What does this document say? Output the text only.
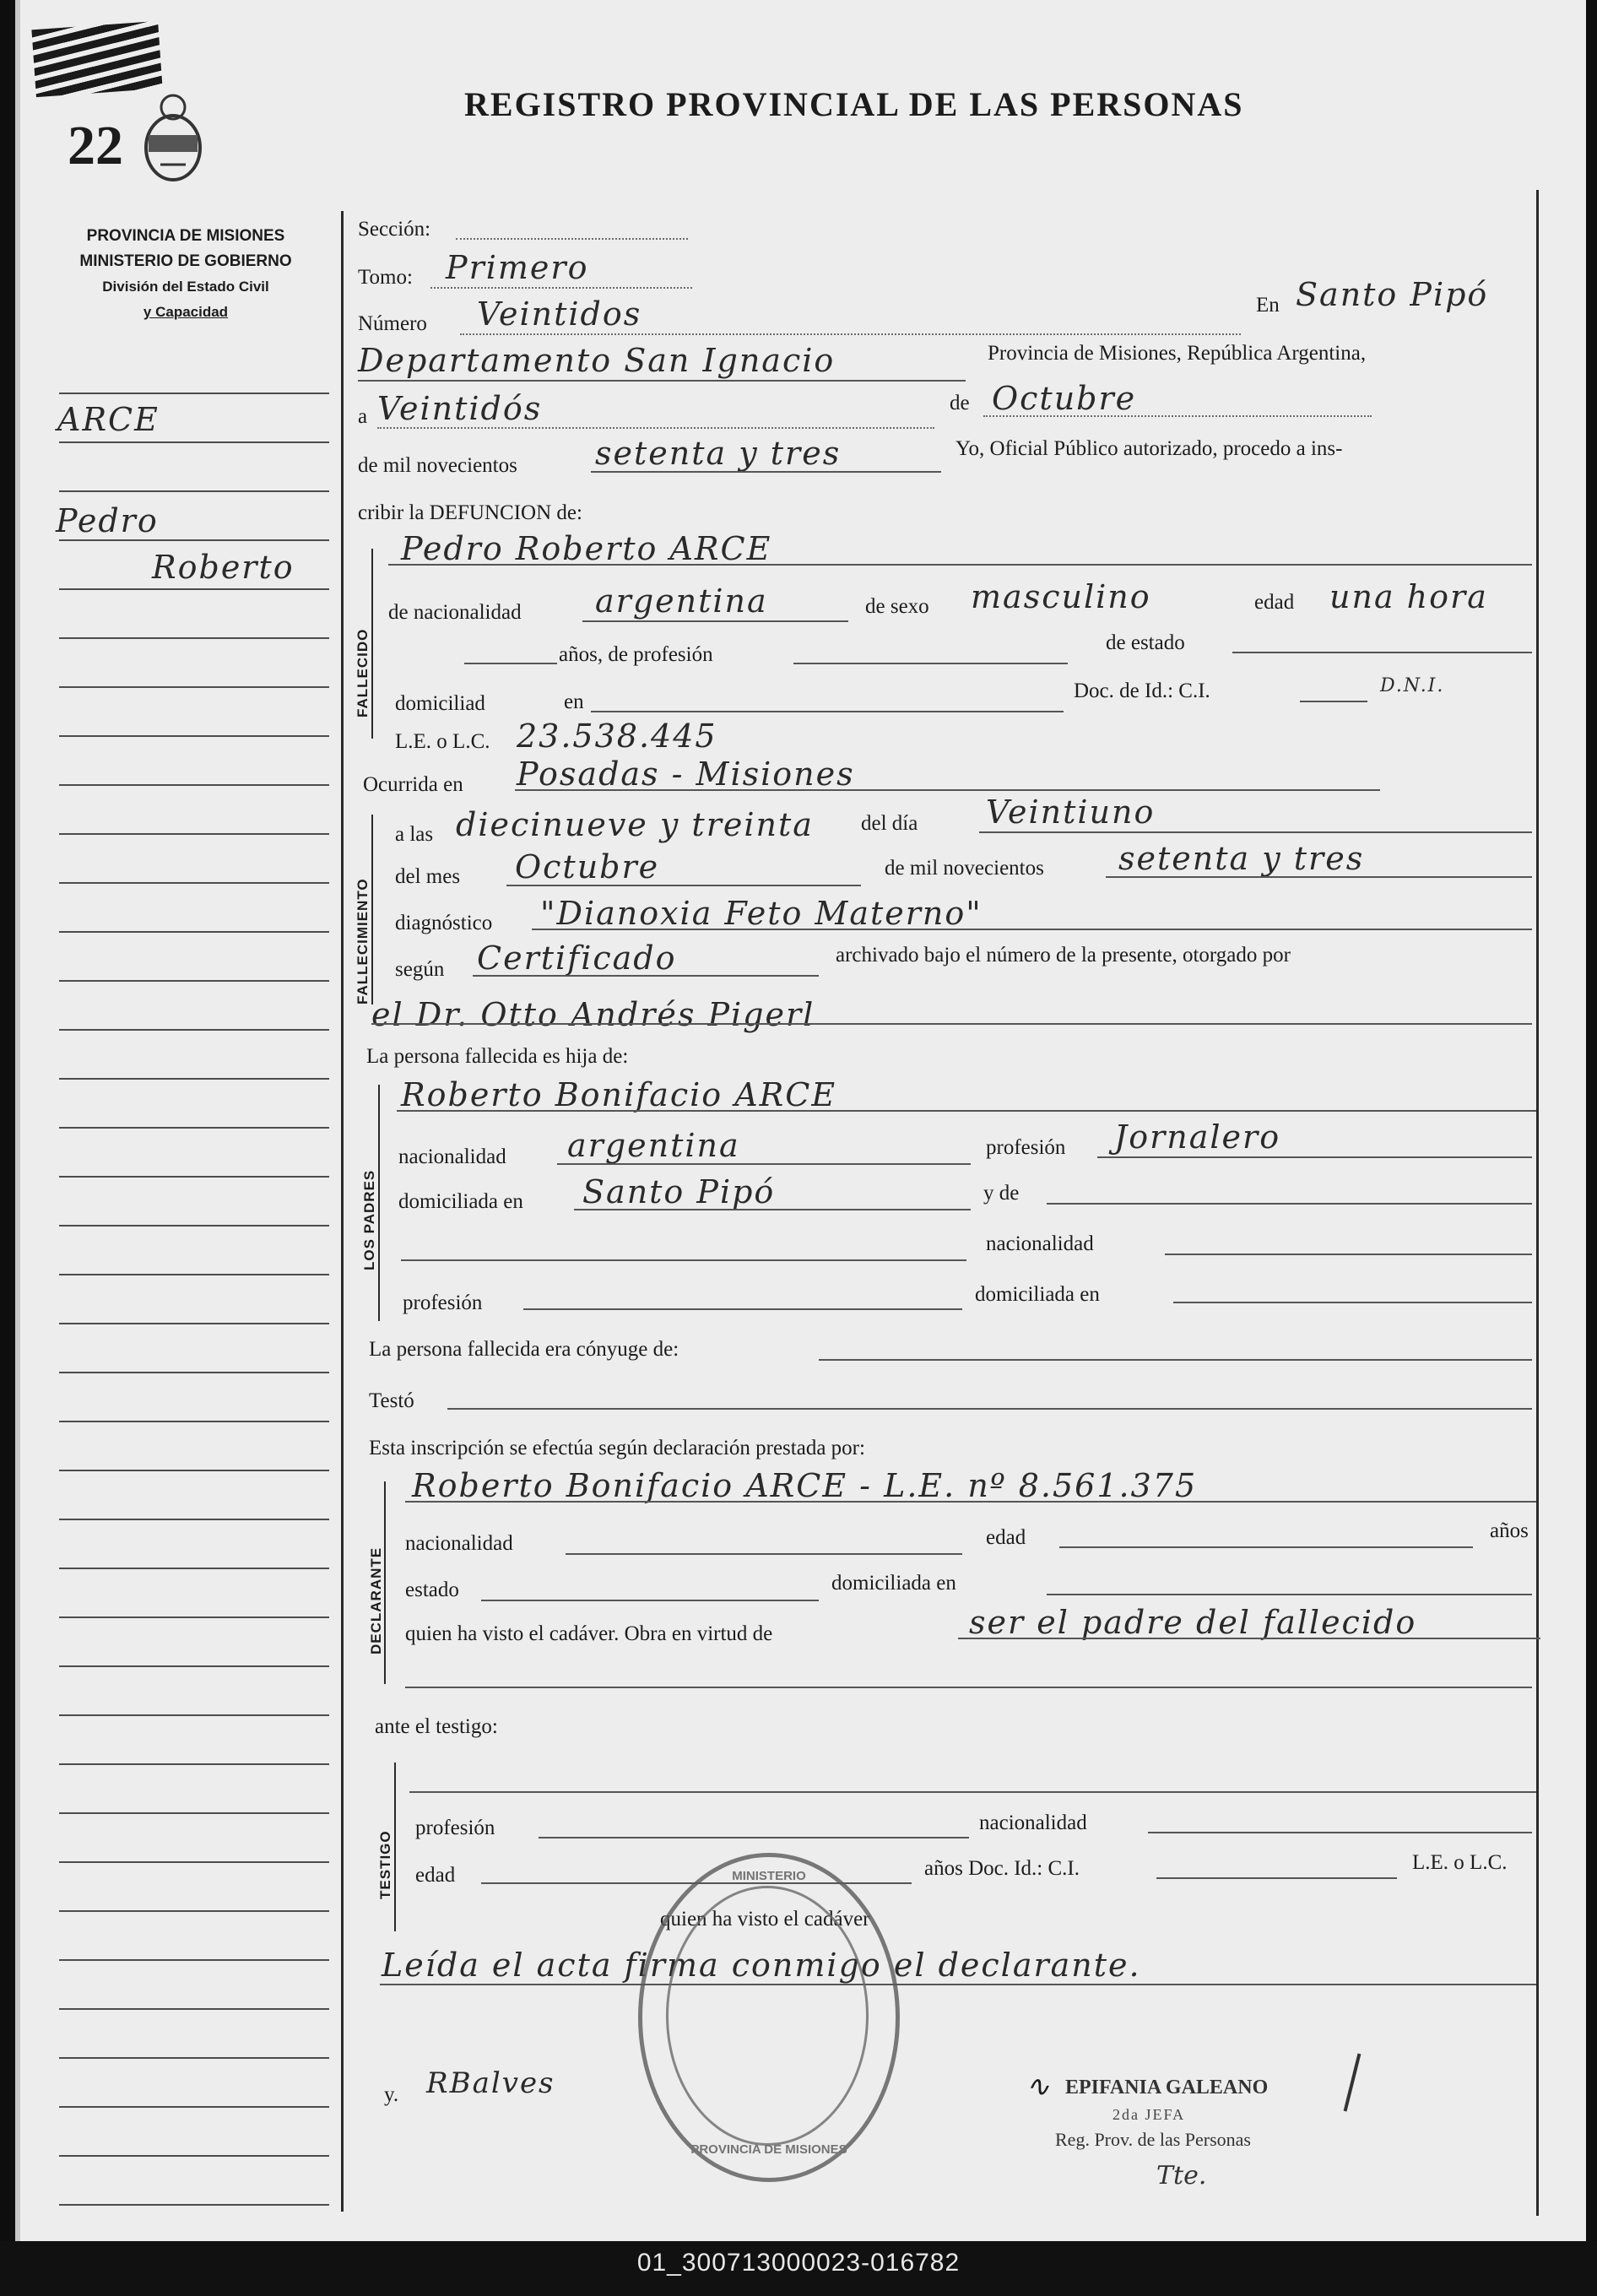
01_300713000023-016782
22
REGISTRO PROVINCIAL DE LAS PERSONAS
PROVINCIA DE MISIONES
MINISTERIO DE GOBIERNO
División del Estado Civil
y Capacidad
ARCE
Pedro
Roberto
Sección:
Tomo: Primero
Número Veintidos	En Santo Pipó
Departamento San Ignacio	Provincia de Misiones, República Argentina,
a Veintidós	de Octubre
de mil novecientos setenta y tres	Yo, Oficial Público autorizado, procedo a ins-
cribir la DEFUNCION de:
FALLECIDO
Pedro Roberto ARCE
de nacionalidad argentina	de sexo masculino	edad una hora
años, de profesión
de estado
domiciliad	en	Doc. de Id.: C.I.	D.N.I.
L.E. o L.C. 23.538.445
Ocurrida en Posadas - Misiones
FALLECIMIENTO
a las diecinueve y treinta del día Veintiuno
del mes Octubre	de mil novecientos setenta y tres
diagnóstico "Dianoxia Feto Materno"
según Certificado	archivado bajo el número de la presente, otorgado por
el Dr. Otto Andrés Pigerl
La persona fallecida es hija de:
LOS PADRES
Roberto Bonifacio ARCE
nacionalidad argentina	profesión Jornalero
domiciliada en Santo Pipó	y de
nacionalidad
profesión	domiciliada en
La persona fallecida era cónyuge de:
Testó
Esta inscripción se efectúa según declaración prestada por:
DECLARANTE
Roberto Bonifacio ARCE - L.E. nº 8.561.375
nacionalidad	edad	años
estado	domiciliada en
quien ha visto el cadáver. Obra en virtud de	ser el padre del fallecido
ante el testigo:
TESTIGO
profesión	nacionalidad
edad	años Doc. Id.: C.I.	L.E. o L.C.
quien ha visto el cadáver
Leída el acta firma conmigo el declarante.
y. RBalves
MINISTERIO
PROVINCIA DE MISIONES
∿ EPIFANIA GALEANO
2da JEFA
Reg. Prov. de las Personas
Tte.
